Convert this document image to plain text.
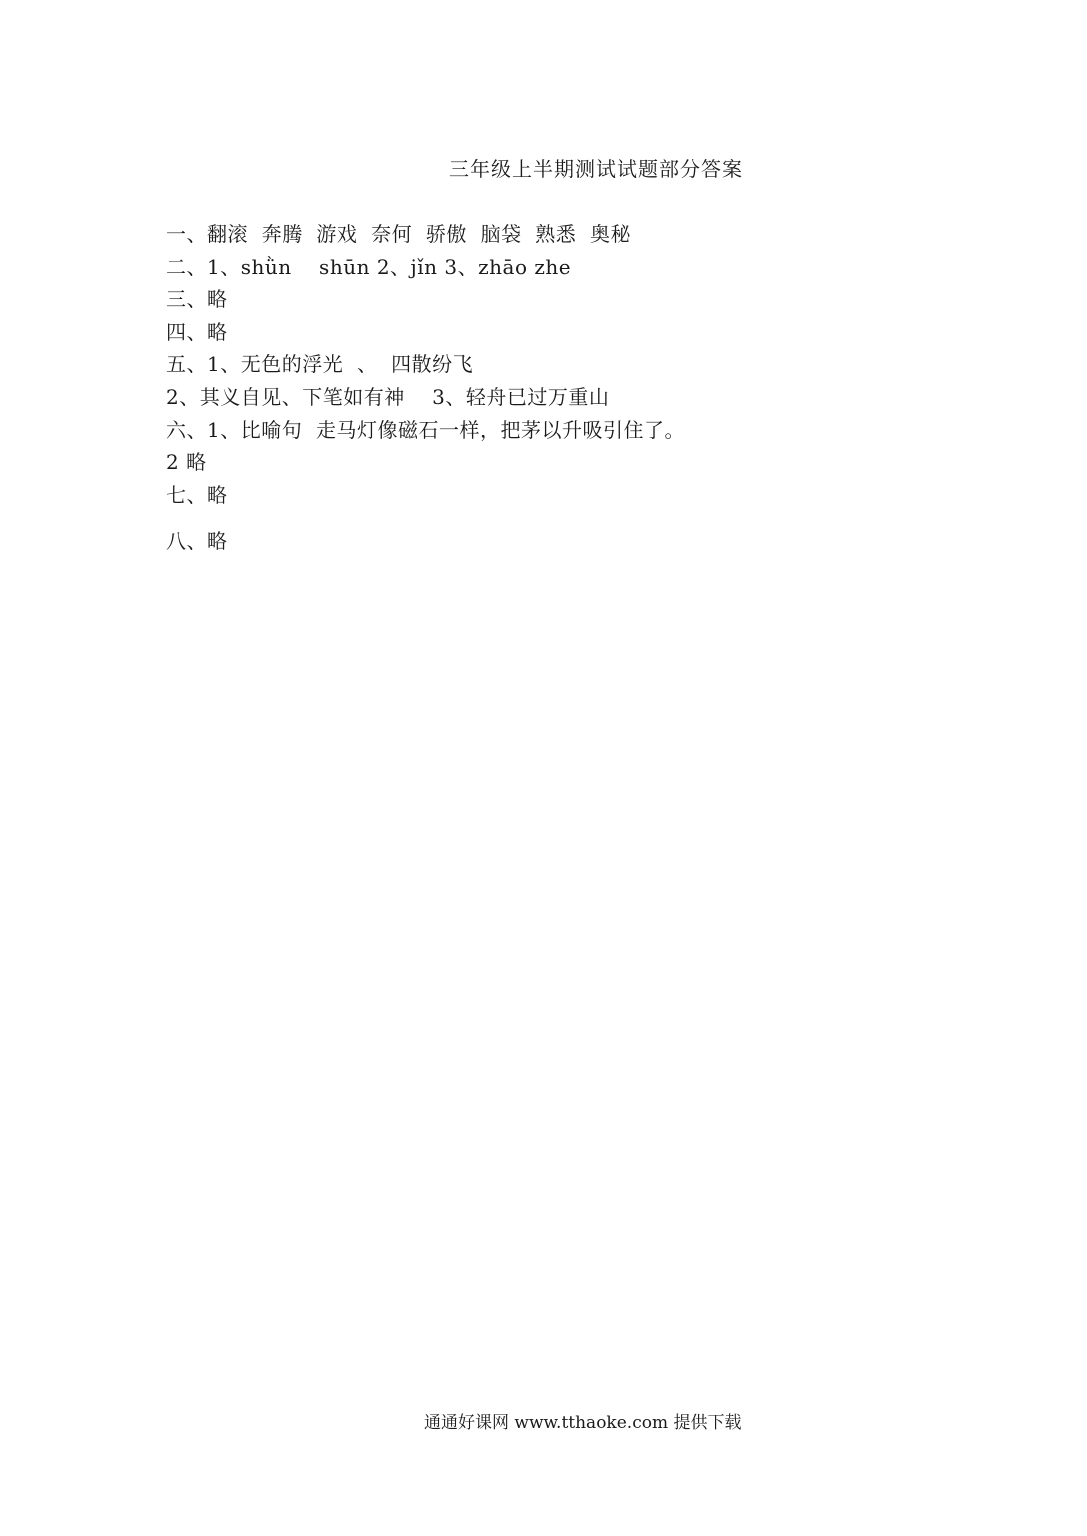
三年级上半期测试试题部分答案
一、翻滚  奔腾  游戏  奈何  骄傲  脑袋  熟悉  奥秘
二、1、shǜn    shūn 2、jǐn 3、zhāo zhe
三、略
四、略
五、1、无色的浮光  、  四散纷飞
2、其义自见、下笔如有神    3、轻舟已过万重山
六、1、比喻句  走马灯像磁石一样，把茅以升吸引住了。
2 略
七、略
八、略
通通好课网 www.tthaoke.com 提供下载
